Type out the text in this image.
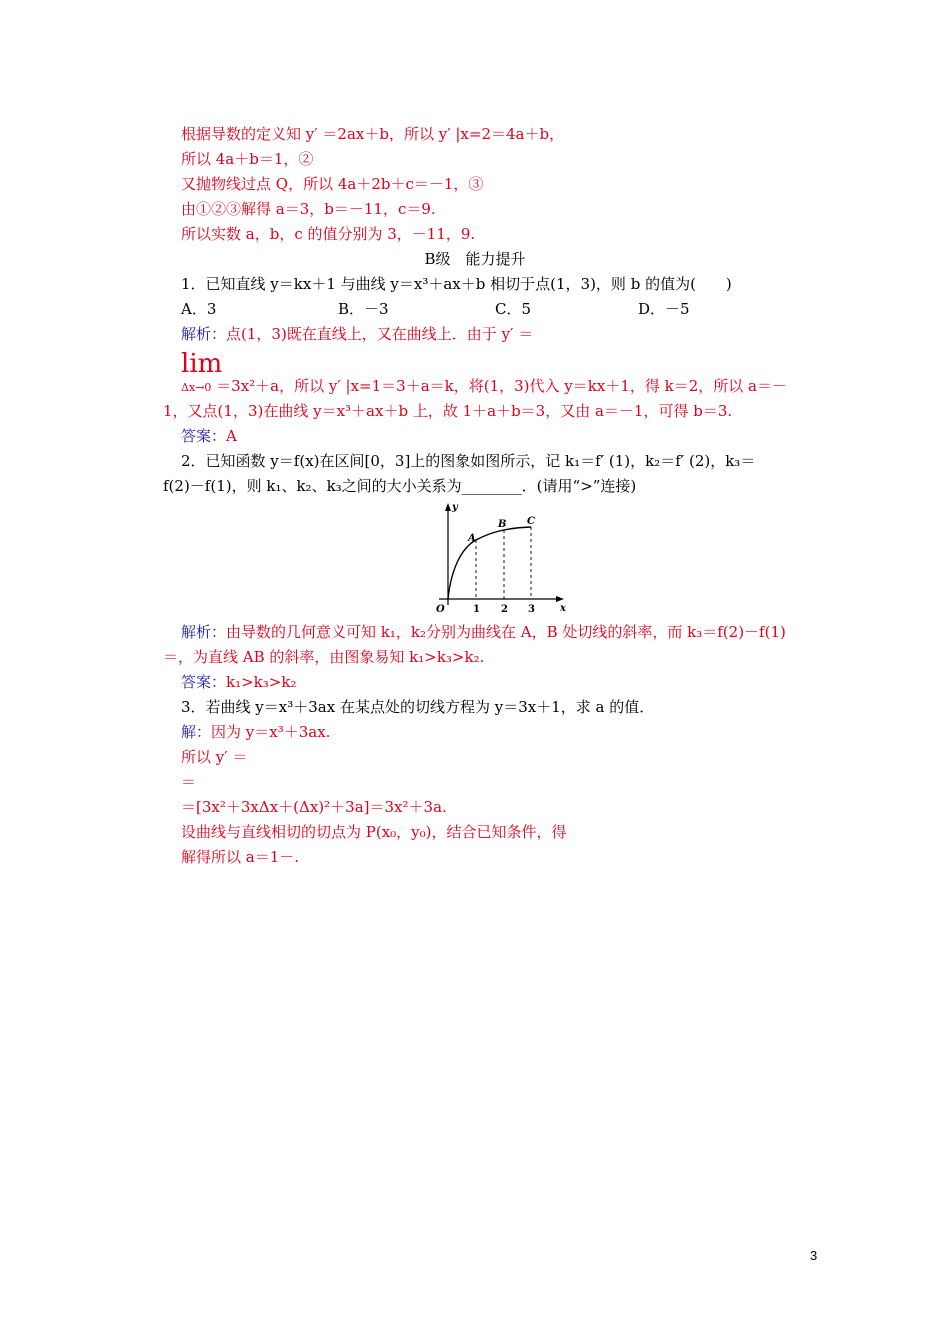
根据导数的定义知 y′ ＝2ax＋b，所以 y′ |x=2＝4a＋b，
所以 4a＋b＝1，②
又抛物线过点 Q，所以 4a＋2b＋c＝－1，③
由①②③解得 a＝3，b＝－11，c＝9.
所以实数 a，b，c 的值分别为 3，－11，9.
B级　能力提升
1．已知直线 y＝kx＋1 与曲线 y＝x³＋ax＋b 相切于点(1，3)，则 b 的值为(　　)
A．3	B．－3	C．5	D．－5
解析：点(1，3)既在直线上，又在曲线上．由于 y′ ＝
lim
Δx→0 ＝3x²＋a，所以 y′ |x=1＝3＋a＝k，将(1，3)代入 y＝kx＋1，得 k＝2，所以 a＝－
1，又点(1，3)在曲线 y＝x³＋ax＋b 上，故 1＋a＋b＝3，又由 a＝－1，可得 b＝3.
答案：A
2．已知函数 y＝f(x)在区间[0，3]上的图象如图所示，记 k₁＝f′ (1)，k₂＝f′ (2)，k₃＝
f(2)－f(1)，则 k₁、k₂、k₃之间的大小关系为________．(请用“>”连接)
y
x
O	1 2 3
A
B C
解析：由导数的几何意义可知 k₁，k₂分别为曲线在 A，B 处切线的斜率，而 k₃＝f(2)－f(1)
＝，为直线 AB 的斜率，由图象易知 k₁>k₃>k₂.
答案：k₁>k₃>k₂
3．若曲线 y＝x³＋3ax 在某点处的切线方程为 y＝3x＋1，求 a 的值．
解：因为 y＝x³＋3ax.
所以 y′ ＝
＝
＝[3x²＋3xΔx＋(Δx)²＋3a]＝3x²＋3a.
设曲线与直线相切的切点为 P(x₀，y₀)，结合已知条件，得
解得所以 a＝1－.
3
